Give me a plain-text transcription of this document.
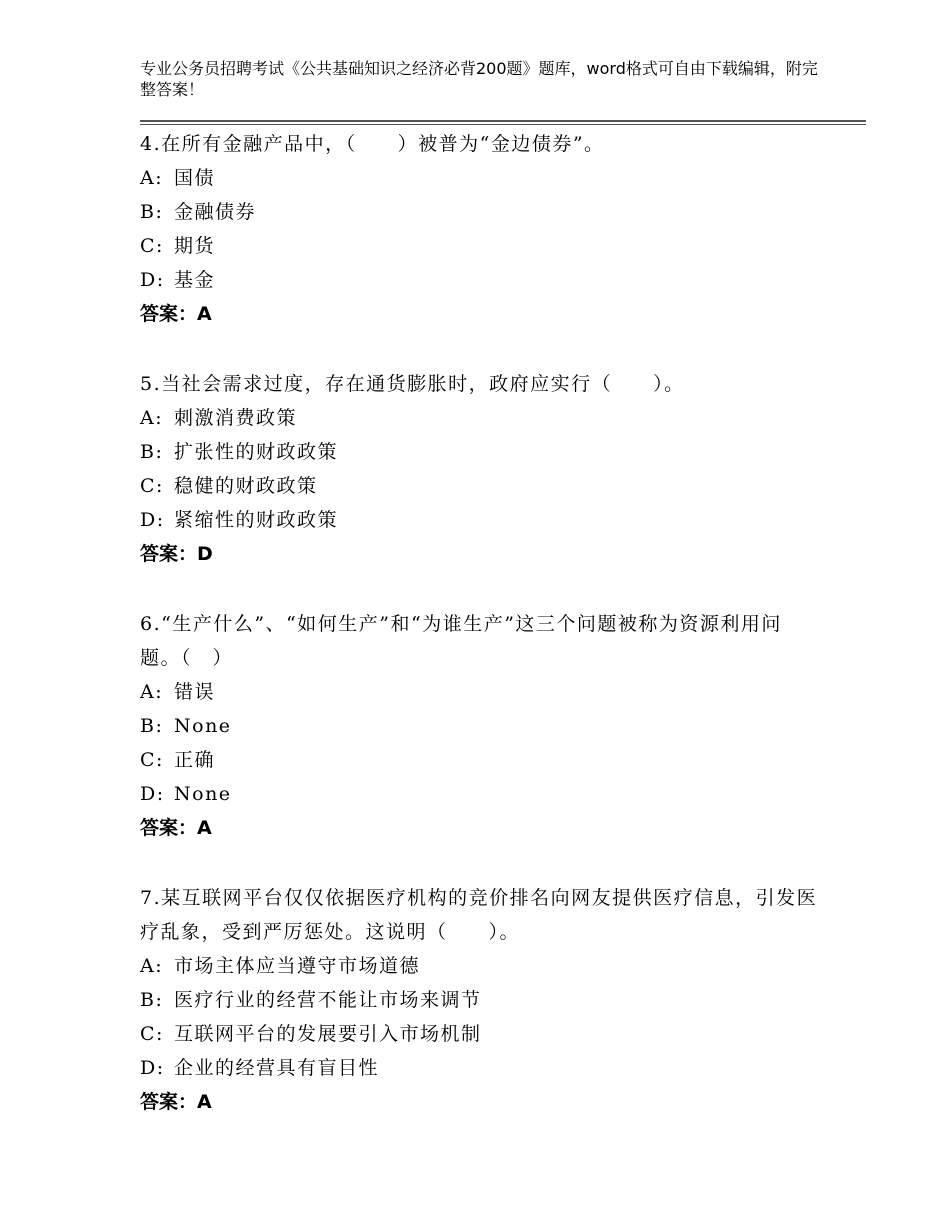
专业公务员招聘考试《公共基础知识之经济必背200题》题库，word格式可自由下载编辑，附完整答案！
4.在所有金融产品中，（　　）被普为“金边债券”。
A: 国债
B: 金融债券
C: 期货
D: 基金
答案：A
5.当社会需求过度，存在通货膨胀时，政府应实行（　　）。
A: 刺激消费政策
B: 扩张性的财政政策
C: 稳健的财政政策
D: 紧缩性的财政政策
答案：D
6.“生产什么”、“如何生产”和“为谁生产”这三个问题被称为资源利用问题。（　）
A: 错误
B: None
C: 正确
D: None
答案：A
7.某互联网平台仅仅依据医疗机构的竞价排名向网友提供医疗信息，引发医疗乱象，受到严厉惩处。这说明（　　）。
A: 市场主体应当遵守市场道德
B: 医疗行业的经营不能让市场来调节
C: 互联网平台的发展要引入市场机制
D: 企业的经营具有盲目性
答案：A
